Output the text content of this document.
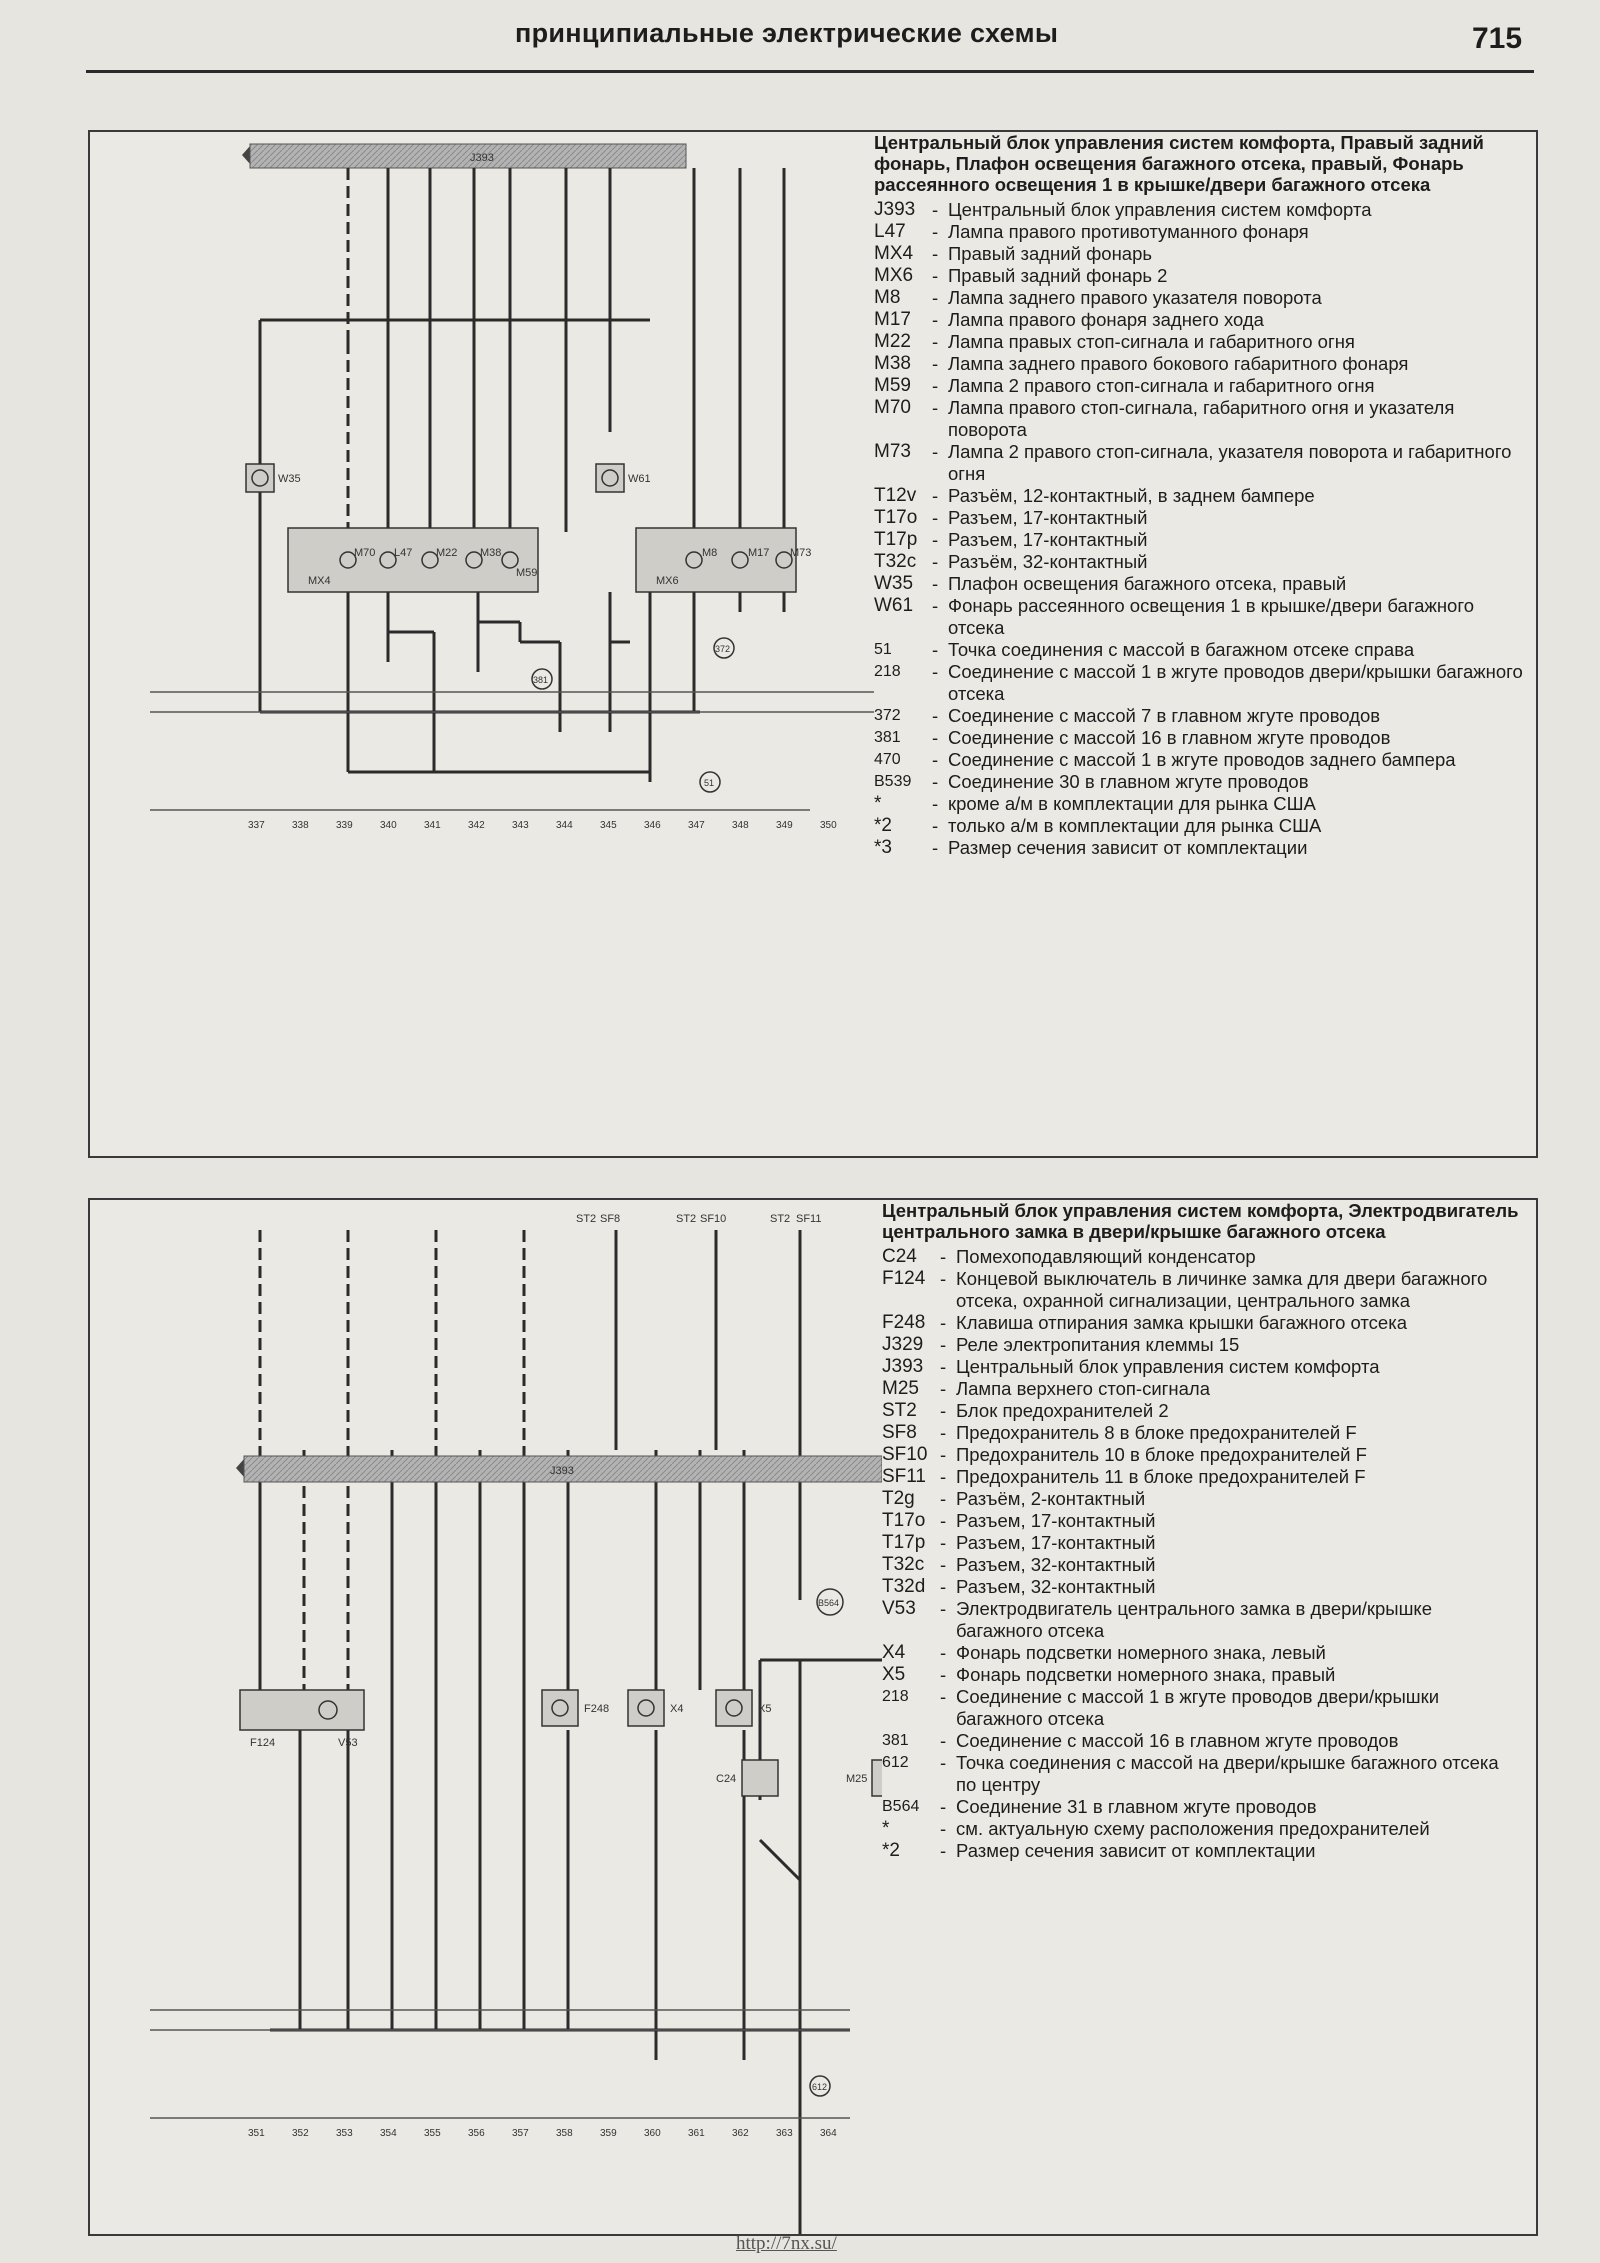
принципиальные электрические схемы	715
J393
W35	W61
MX4	MX6
L47 M22 M38
M59
M8	M17
M70	M73
381
372
51
337	338	339	340	341	342	343	344	345	346	347	348	349	350
Центральный блок управления систем комфорта, Правый задний фонарь, Плафон освещения багажного отсека, правый, Фонарь рассеянного освещения 1 в крышке/двери багажного отсека
J393 - Центральный блок управления систем комфорта
L47	- Лампа правого противотуманного фонаря
MX4	- Правый задний фонарь
MX6	- Правый задний фонарь 2
M8	- Лампа заднего правого указателя поворота
M17	- Лампа правого фонаря заднего хода
M22	- Лампа правых стоп-сигнала и габаритного огня
M38	- Лампа заднего правого бокового габаритного фонаря
M59	- Лампа 2 правого стоп-сигнала и габаритного огня
M70	- Лампа правого стоп-сигнала, габаритного огня и указателя поворота
M73	- Лампа 2 правого стоп-сигнала, указателя поворота и габаритного огня
T12v - Разъём, 12-контактный, в заднем бампере
T17o - Разъем, 17-контактный
T17p - Разъем, 17-контактный
T32c - Разъём, 32-контактный
W35	- Плафон освещения багажного отсека, правый
W61	- Фонарь рассеянного освещения 1 в крышке/двери багажного отсека
51	- Точка соединения с массой в багажном отсеке справа
218	- Соединение с массой 1 в жгуте проводов двери/крышки багажного отсека
372	- Соединение с массой 7 в главном жгуте проводов
381	- Соединение с массой 16 в главном жгуте проводов
470	- Соединение с массой 1 в жгуте проводов заднего бампера
B539	- Соединение 30 в главном жгуте проводов
*	- кроме а/м в комплектации для рынка США
*2	- только а/м в комплектации для рынка США
*3	- Размер сечения зависит от комплектации
ST2 SF8	ST2 SF10	ST2 SF11
J393
F124	V53
F248	X4	X5
C24	M25
B564
612
351	352	353	354	355	356	357	358	359	360	361	362	363	364
Центральный блок управления систем комфорта, Электродвигатель центрального замка в двери/крышке багажного отсека
C24	- Помехоподавляющий конденсатор
F124 - Концевой выключатель в личинке замка для двери багажного отсека, охранной сигнализации, центрального замка
F248 - Клавиша отпирания замка крышки багажного отсека
J329 - Реле электропитания клеммы 15
J393 - Центральный блок управления систем комфорта
M25	- Лампа верхнего стоп-сигнала
ST2	- Блок предохранителей 2
SF8	- Предохранитель 8 в блоке предохранителей F
SF10 - Предохранитель 10 в блоке предохранителей F
SF11 - Предохранитель 11 в блоке предохранителей F
T2g	- Разъём, 2-контактный
T17o - Разъем, 17-контактный
T17p - Разъем, 17-контактный
T32c - Разъем, 32-контактный
T32d - Разъем, 32-контактный
V53	- Электродвигатель центрального замка в двери/крышке багажного отсека
X4	- Фонарь подсветки номерного знака, левый
X5	- Фонарь подсветки номерного знака, правый
218	- Соединение с массой 1 в жгуте проводов двери/крышки багажного отсека
381	- Соединение с массой 16 в главном жгуте проводов
612	- Точка соединения с массой на двери/крышке багажного отсека по центру
B564	- Соединение 31 в главном жгуте проводов
*	- см. актуальную схему расположения предохранителей
*2	- Размер сечения зависит от комплектации
http://7nx.su/
